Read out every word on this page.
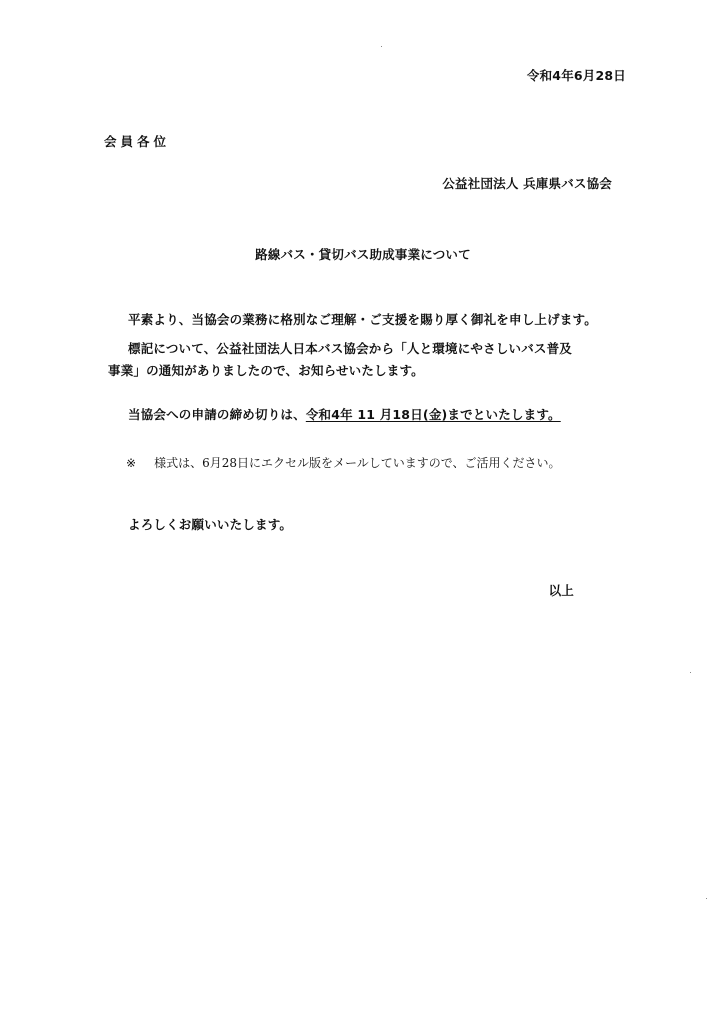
令和4年6月28日
会員各位
公益社団法人 兵庫県バス協会
路線バス・貸切バス助成事業について
平素より、当協会の業務に格別なご理解・ご支援を賜り厚く御礼を申し上げます。
標記について、公益社団法人日本バス協会から「人と環境にやさしいバス普及
事業」の通知がありましたので、お知らせいたします。
当協会への申請の締め切りは、令和4年 11 月18日(金)までといたします。
※ 様式は、6月28日にエクセル版をメールしていますので、ご活用ください。
よろしくお願いいたします。
以上
